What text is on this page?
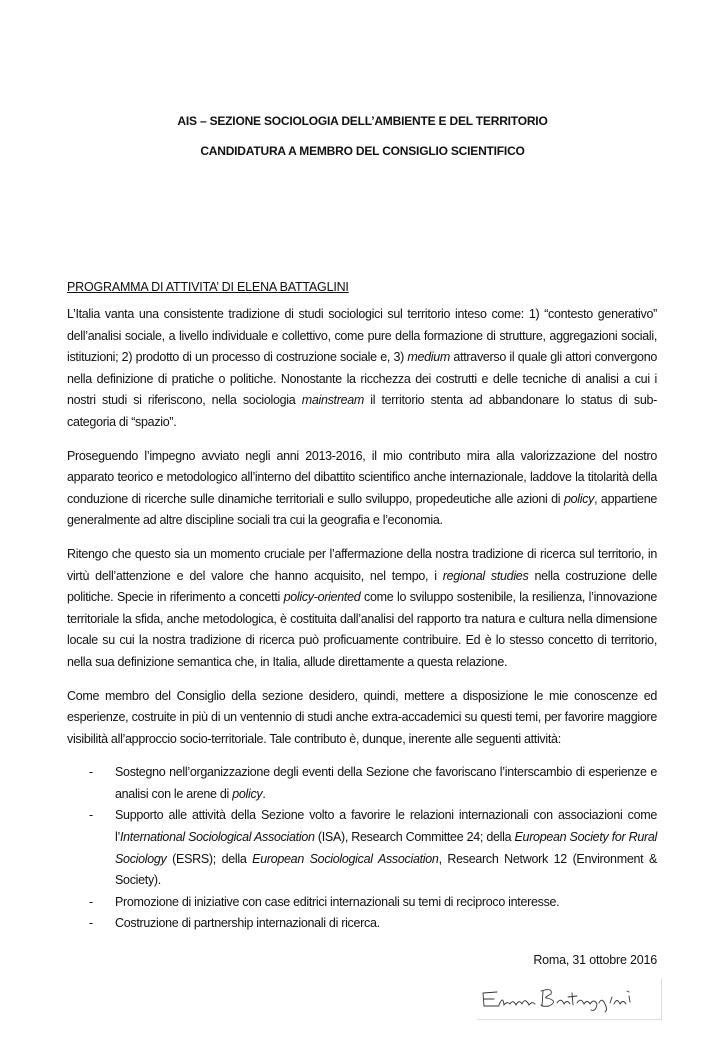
AIS – SEZIONE SOCIOLOGIA DELL’AMBIENTE E DEL TERRITORIO
CANDIDATURA A MEMBRO DEL CONSIGLIO SCIENTIFICO
PROGRAMMA DI ATTIVITA’ DI ELENA BATTAGLINI

L’Italia vanta una consistente tradizione di studi sociologici sul territorio inteso come: 1) “contesto generativo” dell’analisi sociale, a livello individuale e collettivo, come pure della formazione di strutture, aggregazioni sociali, istituzioni; 2) prodotto di un processo di costruzione sociale e, 3) medium attraverso il quale gli attori convergono nella definizione di pratiche o politiche. Nonostante la ricchezza dei costrutti e delle tecniche di analisi a cui i nostri studi si riferiscono, nella sociologia mainstream il territorio stenta ad abbandonare lo status di sub-categoria di “spazio”.

Proseguendo l’impegno avviato negli anni 2013-2016, il mio contributo mira alla valorizzazione del nostro apparato teorico e metodologico all’interno del dibattito scientifico anche internazionale, laddove la titolarità della conduzione di ricerche sulle dinamiche territoriali e sullo sviluppo, propedeutiche alle azioni di policy, appartiene generalmente ad altre discipline sociali tra cui la geografia e l’economia.

Ritengo che questo sia un momento cruciale per l’affermazione della nostra tradizione di ricerca sul territorio, in virtù dell’attenzione e del valore che hanno acquisito, nel tempo, i regional studies nella costruzione delle politiche. Specie in riferimento a concetti policy-oriented come lo sviluppo sostenibile, la resilienza, l’innovazione territoriale la sfida, anche metodologica, è costituita dall’analisi del rapporto tra natura e cultura nella dimensione locale su cui la nostra tradizione di ricerca può proficuamente contribuire. Ed è lo stesso concetto di territorio, nella sua definizione semantica che, in Italia, allude direttamente a questa relazione.

Come membro del Consiglio della sezione desidero, quindi, mettere a disposizione le mie conoscenze ed esperienze, costruite in più di un ventennio di studi anche extra-accademici su questi temi, per favorire maggiore visibilità all’approccio socio-territoriale. Tale contributo è, dunque, inerente alle seguenti attività:

- Sostegno nell’organizzazione degli eventi della Sezione che favoriscano l’interscambio di esperienze e analisi con le arene di policy.
- Supporto alle attività della Sezione volto a favorire le relazioni internazionali con associazioni come l’International Sociological Association (ISA), Research Committee 24; della European Society for Rural Sociology (ESRS); della European Sociological Association, Research Network 12 (Environment & Society).
- Promozione di iniziative con case editrici internazionali su temi di reciproco interesse.
- Costruzione di partnership internazionali di ricerca.
Roma, 31 ottobre 2016
